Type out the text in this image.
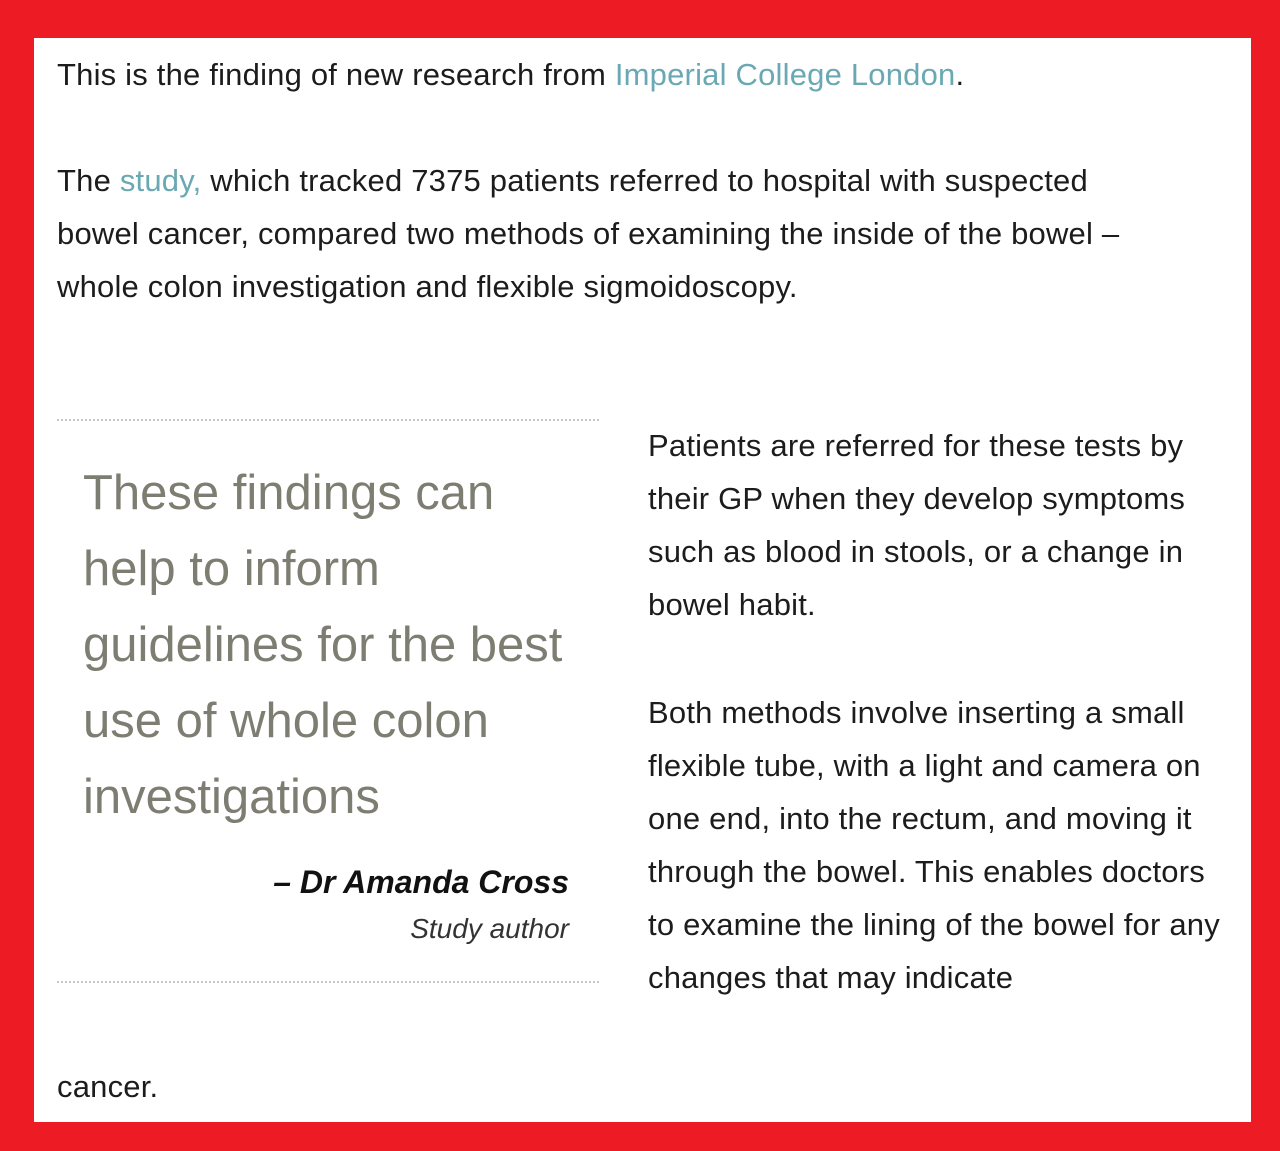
This is the finding of new research from Imperial College London.

The study, which tracked 7375 patients referred to hospital with suspected bowel cancer, compared two methods of examining the inside of the bowel – whole colon investigation and flexible sigmoidoscopy.

These findings can help to inform guidelines for the best use of whole colon investigations

– Dr Amanda Cross

Study author

Patients are referred for these tests by their GP when they develop symptoms such as blood in stools, or a change in bowel habit.

Both methods involve inserting a small flexible tube, with a light and camera on one end, into the rectum, and moving it through the bowel. This enables doctors to examine the lining of the bowel for any changes that may indicate

cancer.
